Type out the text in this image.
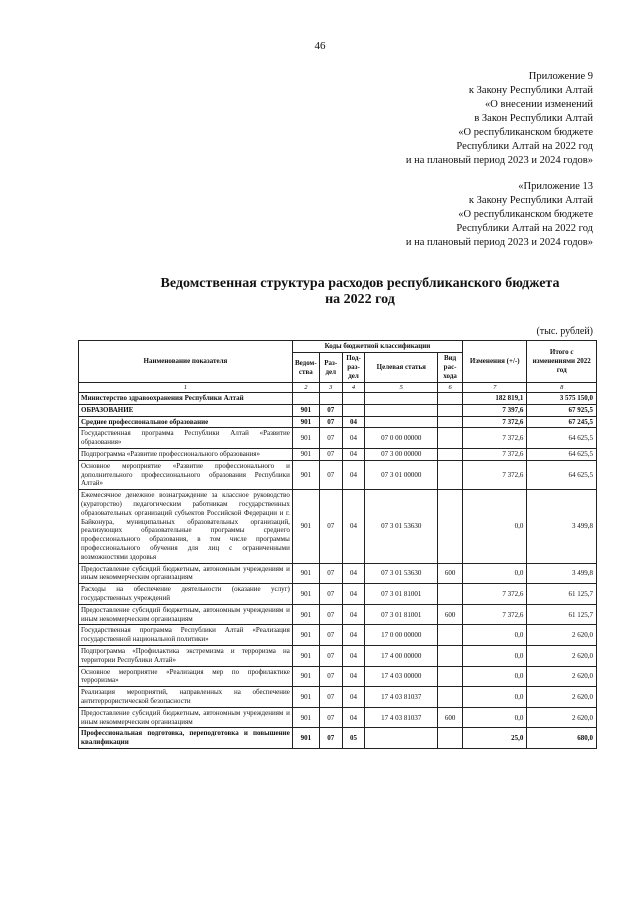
46
Приложение 9
к Закону Республики Алтай
«О внесении изменений
в Закон Республики Алтай
«О республиканском бюджете
Республики Алтай на 2022 год
и на плановый период 2023 и 2024 годов»
«Приложение 13
к Закону Республики Алтай
«О республиканском бюджете
Республики Алтай на 2022 год
и на плановый период 2023 и 2024 годов»
Ведомственная структура расходов республиканского бюджета
на 2022 год
(тыс. рублей)
Наименование показателя	Коды бюджетной классификации					Изменения (+/-)	Итого с изменениями 2022 год
	Ведом-ства	Раз-дел	Под-раз-дел	Целевая статья	Вид рас-хода		
1	2	3	4	5	6	7	8
Министерство здравоохранения Республики Алтай						182 819,1	3 575 150,0
ОБРАЗОВАНИЕ	901	07				7 397,6	67 925,5
Среднее профессиональное образование	901	07	04			7 372,6	67 245,5
Государственная программа Республики Алтай «Развитие образования»	901	07	04	07 0 00 00000		7 372,6	64 625,5
Подпрограмма «Развитие профессионального образования»	901	07	04	07 3 00 00000		7 372,6	64 625,5
Основное мероприятие «Развитие профессионального и дополнительного профессионального образования Республики Алтай»	901	07	04	07 3 01 00000		7 372,6	64 625,5
Ежемесячное денежное вознаграждение за классное руководство (кураторство) педагогическим работникам государственных образовательных организаций субъектов Российской Федерации и г. Байконура, муниципальных образовательных организаций, реализующих образовательные программы среднего профессионального образования, в том числе программы профессионального обучения для лиц с ограниченными возможностями здоровья	901	07	04	07 3 01 53630		0,0	3 499,8
Предоставление субсидий бюджетным, автономным учреждениям и иным некоммерческим организациям	901	07	04	07 3 01 53630	600	0,0	3 499,8
Расходы на обеспечение деятельности (оказание услуг) государственных учреждений	901	07	04	07 3 01 81001		7 372,6	61 125,7
Предоставление субсидий бюджетным, автономным учреждениям и иным некоммерческим организациям	901	07	04	07 3 01 81001	600	7 372,6	61 125,7
Государственная программа Республики Алтай «Реализация государственной национальной политики»	901	07	04	17 0 00 00000		0,0	2 620,0
Подпрограмма «Профилактика экстремизма и терроризма на территории Республики Алтай»	901	07	04	17 4 00 00000		0,0	2 620,0
Основное мероприятие «Реализация мер по профилактике терроризма»	901	07	04	17 4 03 00000		0,0	2 620,0
Реализация мероприятий, направленных на обеспечение антитеррористической безопасности	901	07	04	17 4 03 81037		0,0	2 620,0
Предоставление субсидий бюджетным, автономным учреждениям и иным некоммерческим организациям	901	07	04	17 4 03 81037	600	0,0	2 620,0
Профессиональная подготовка, переподготовка и повышение квалификации	901	07	05			25,0	680,0
